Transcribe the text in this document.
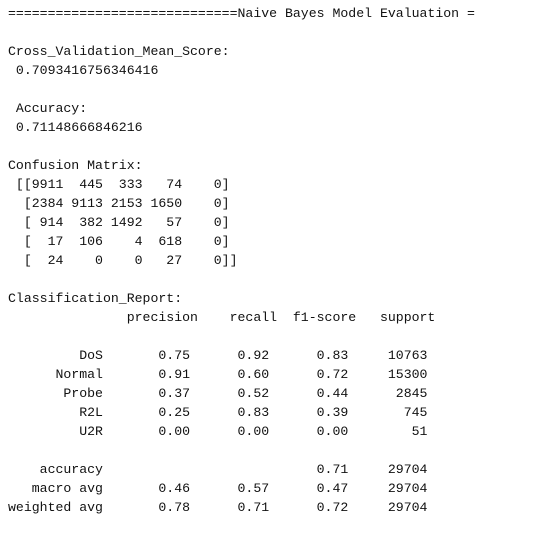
=============================Naive Bayes Model Evaluation =
Cross_Validation_Mean_Score:
0.7093416756346416
Accuracy:
0.71148666846216
Confusion Matrix:
[[9911  445  333   74    0]
[2384 9113 2153 1650    0]
[ 914  382 1492   57    0]
[  17  106    4  618    0]
[  24    0    0   27    0]]
Classification_Report:
precision    recall  f1-score   support
DoS       0.75      0.92      0.83     10763
Normal       0.91      0.60      0.72     15300
Probe       0.37      0.52      0.44      2845
R2L       0.25      0.83      0.39       745
U2R       0.00      0.00      0.00        51
accuracy                           0.71     29704
macro avg       0.46      0.57      0.47     29704
weighted avg       0.78      0.71      0.72     29704
